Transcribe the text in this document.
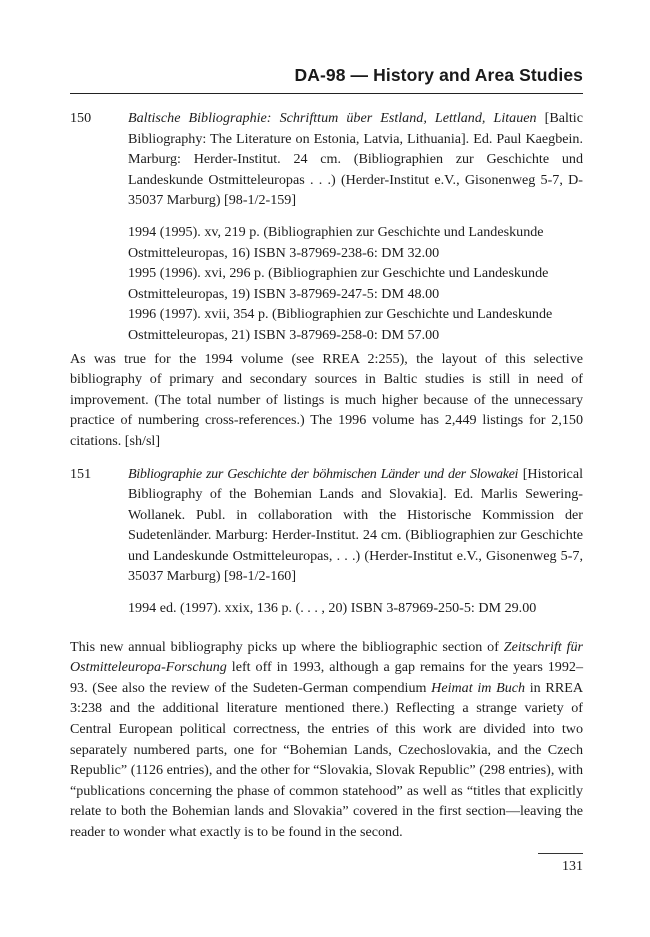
DA-98 — History and Area Studies
150	Baltische Bibliographie: Schrifttum über Estland, Lettland, Litauen [Baltic Bibliography: The Literature on Estonia, Latvia, Lithuania]. Ed. Paul Kaegbein. Marburg: Herder-Institut. 24 cm. (Bibliographien zur Geschichte und Landeskunde Ostmitteleuropas . . .) (Herder-Institut e.V., Gisonenweg 5-7, D-35037 Marburg) [98-1/2-159]
1994 (1995). xv, 219 p. (Bibliographien zur Geschichte und Landeskunde Ostmitteleuropas, 16) ISBN 3-87969-238-6: DM 32.00
1995 (1996). xvi, 296 p. (Bibliographien zur Geschichte und Landeskunde Ostmitteleuropas, 19) ISBN 3-87969-247-5: DM 48.00
1996 (1997). xvii, 354 p. (Bibliographien zur Geschichte und Landeskunde Ostmitteleuropas, 21) ISBN 3-87969-258-0: DM 57.00

As was true for the 1994 volume (see RREA 2:255), the layout of this selective bibliography of primary and secondary sources in Baltic studies is still in need of improvement. (The total number of listings is much higher because of the unnecessary practice of numbering cross-references.) The 1996 volume has 2,449 listings for 2,150 citations. [sh/sl]

151	Bibliographie zur Geschichte der böhmischen Länder und der Slowakei [Historical Bibliography of the Bohemian Lands and Slovakia]. Ed. Marlis Sewering-Wollanek. Publ. in collaboration with the Historische Kommission der Sudetenländer. Marburg: Herder-Institut. 24 cm. (Bibliographien zur Geschichte und Landeskunde Ostmitteleuropas, . . .) (Herder-Institut e.V., Gisonenweg 5-7, 35037 Marburg) [98-1/2-160]
1994 ed. (1997). xxix, 136 p. (. . . , 20) ISBN 3-87969-250-5: DM 29.00

This new annual bibliography picks up where the bibliographic section of Zeitschrift für Ostmitteleuropa-Forschung left off in 1993, although a gap remains for the years 1992–93. (See also the review of the Sudeten-German compendium Heimat im Buch in RREA 3:238 and the additional literature mentioned there.) Reflecting a strange variety of Central European political correctness, the entries of this work are divided into two separately numbered parts, one for “Bohemian Lands, Czechoslovakia, and the Czech Republic” (1126 entries), and the other for “Slovakia, Slovak Republic” (298 entries), with “publications concerning the phase of common statehood” as well as “titles that explicitly relate to both the Bohemian lands and Slovakia” covered in the first section—leaving the reader to wonder what exactly is to be found in the second.

131
